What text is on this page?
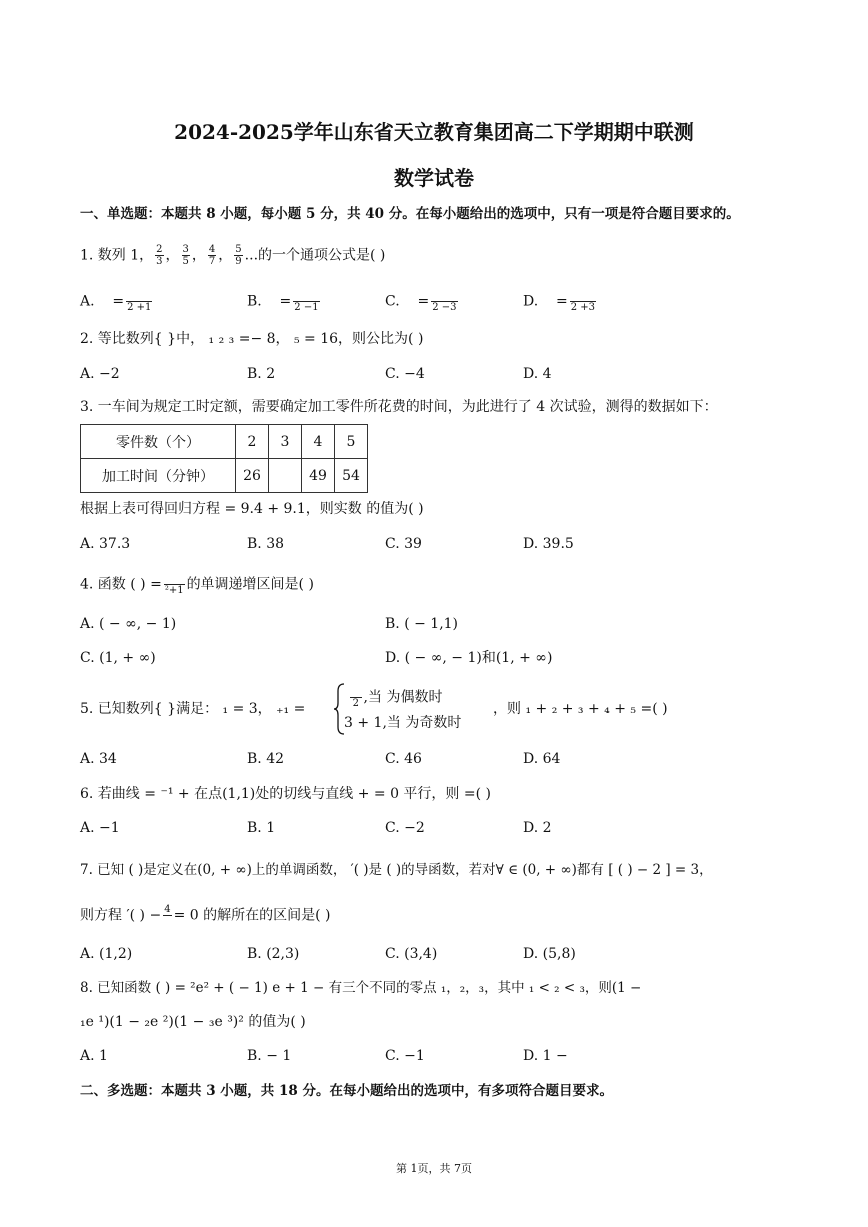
2024-2025学年山东省天立教育集团高二下学期期中联测
数学试卷
一、单选题：本题共 8 小题，每小题 5 分，共 40 分。在每小题给出的选项中，只有一项是符合题目要求的。
1. 数列 1， $\frac{2}{3}$ ， $\frac{3}{5}$ ， $\frac{4}{7}$ ， $\frac{5}{9}$ ...的一个通项公式是( )
A.    =
2 +1	B.    =
2 −1	C.    =
2 −3	D.    =
2 +3
2. 等比数列{ }中， ₁ ₂ ₃ =− 8， ₅ = 16，则公比为( )
A. −2	B. 2	C. −4	D. 4
3. 一车间为规定工时定额，需要确定加工零件所花费的时间，为此进行了 4 次试验，测得的数据如下：
零件数（个）	2	3	4	5
加工时间（分钟）	26		49	54
根据上表可得回归方程 = 9.4 + 9.1，则实数 的值为( )
A. 37.3	B. 38	C. 39	D. 39.5
4. 函数 ( ) =
²+1 的单调递增区间是( )
A. ( − ∞, − 1)	B. ( − 1,1)
C. (1, + ∞)	D. ( − ∞, − 1)和(1, + ∞)
5. 已知数列{ }满足： ₁ = 3， ₊₁ =
	2 ,当 为偶数时
3 + 1,当 为奇数时
，则 ₁ + ₂ + ₃ + ₄ + ₅ =( )
A. 34	B. 42	C. 46	D. 64
6. 若曲线 = ⁻¹ + 在点(1,1)处的切线与直线 + = 0 平行，则 =( )
A. −1	B. 1	C. −2	D. 2
7. 已知 ( )是定义在(0, + ∞)上的单调函数， ′( )是 ( )的导函数，若对∀ ∈ (0, + ∞)都有 [ ( ) − 2 ] = 3，
则方程 ′( ) − 4
= 0 的解所在的区间是( )
A. (1,2)	B. (2,3)	C. (3,4)	D. (5,8)
8. 已知函数 ( ) = ²e² + ( − 1) e + 1 − 有三个不同的零点 ₁，₂，₃，其中 ₁ < ₂ < ₃，则(1 −
₁e ¹)(1 − ₂e ²)(1 − ₃e ³)² 的值为( )
A. 1	B. − 1	C. −1	D. 1 −
二、多选题：本题共 3 小题，共 18 分。在每小题给出的选项中，有多项符合题目要求。
第 1页，共 7页
